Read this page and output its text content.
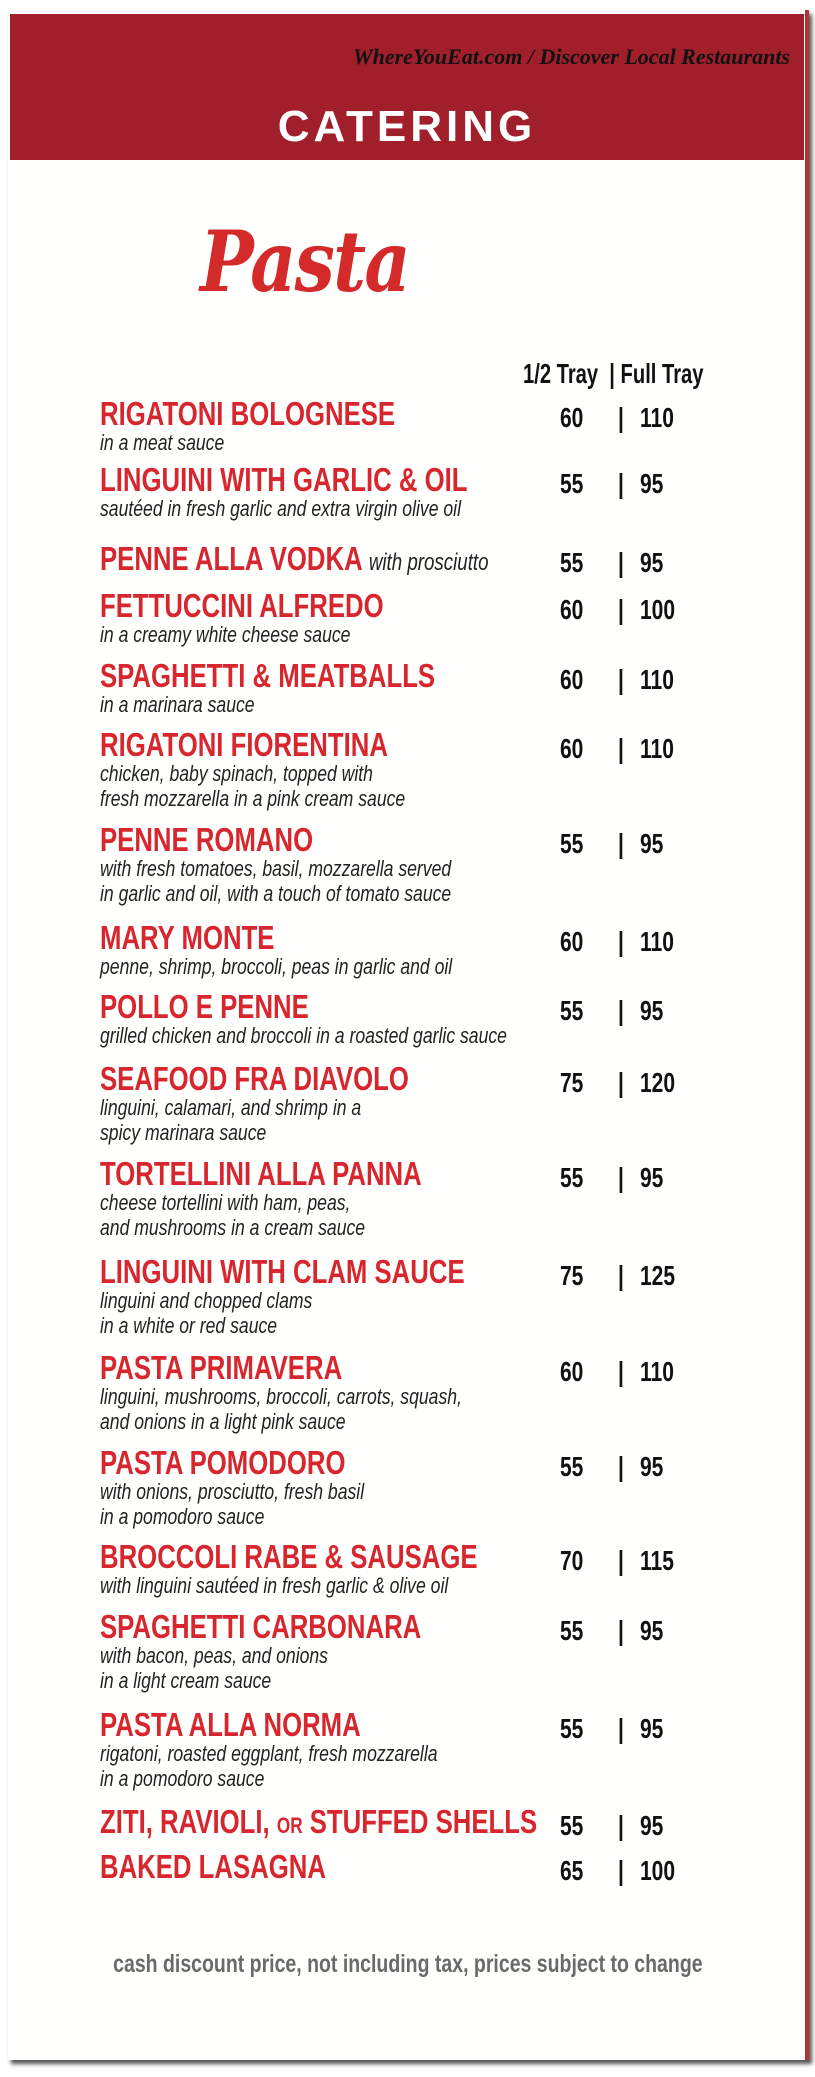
WhereYouEat.com / Discover Local Restaurants
CATERING
Pasta
1/2 Tray | Full Tray
RIGATONI BOLOGNESE
in a meat sauce
60 | 110
LINGUINI WITH GARLIC & OIL
sautéed in fresh garlic and extra virgin olive oil
55 | 95
PENNE ALLA VODKA with prosciutto	55 | 95
FETTUCCINI ALFREDO
in a creamy white cheese sauce
60 | 100
SPAGHETTI & MEATBALLS
in a marinara sauce
60 | 110
RIGATONI FIORENTINA
chicken, baby spinach, topped with
fresh mozzarella in a pink cream sauce
60 | 110
PENNE ROMANO
with fresh tomatoes, basil, mozzarella served
in garlic and oil, with a touch of tomato sauce
55 | 95
MARY MONTE
penne, shrimp, broccoli, peas in garlic and oil
60 | 110
POLLO E PENNE
grilled chicken and broccoli in a roasted garlic sauce
55 | 95
SEAFOOD FRA DIAVOLO
linguini, calamari, and shrimp in a
spicy marinara sauce
75 | 120
TORTELLINI ALLA PANNA
cheese tortellini with ham, peas,
and mushrooms in a cream sauce
55 | 95
LINGUINI WITH CLAM SAUCE
linguini and chopped clams
in a white or red sauce
75 | 125
PASTA PRIMAVERA
linguini, mushrooms, broccoli, carrots, squash,
and onions in a light pink sauce
60 | 110
PASTA POMODORO
with onions, prosciutto, fresh basil
in a pomodoro sauce
55 | 95
BROCCOLI RABE & SAUSAGE
with linguini sautéed in fresh garlic & olive oil
70 | 115
SPAGHETTI CARBONARA
with bacon, peas, and onions
in a light cream sauce
55 | 95
PASTA ALLA NORMA
rigatoni, roasted eggplant, fresh mozzarella
in a pomodoro sauce
55 | 95
ZITI, RAVIOLI, OR STUFFED SHELLS 55 | 95
BAKED LASAGNA	65 | 100
cash discount price, not including tax, prices subject to change
